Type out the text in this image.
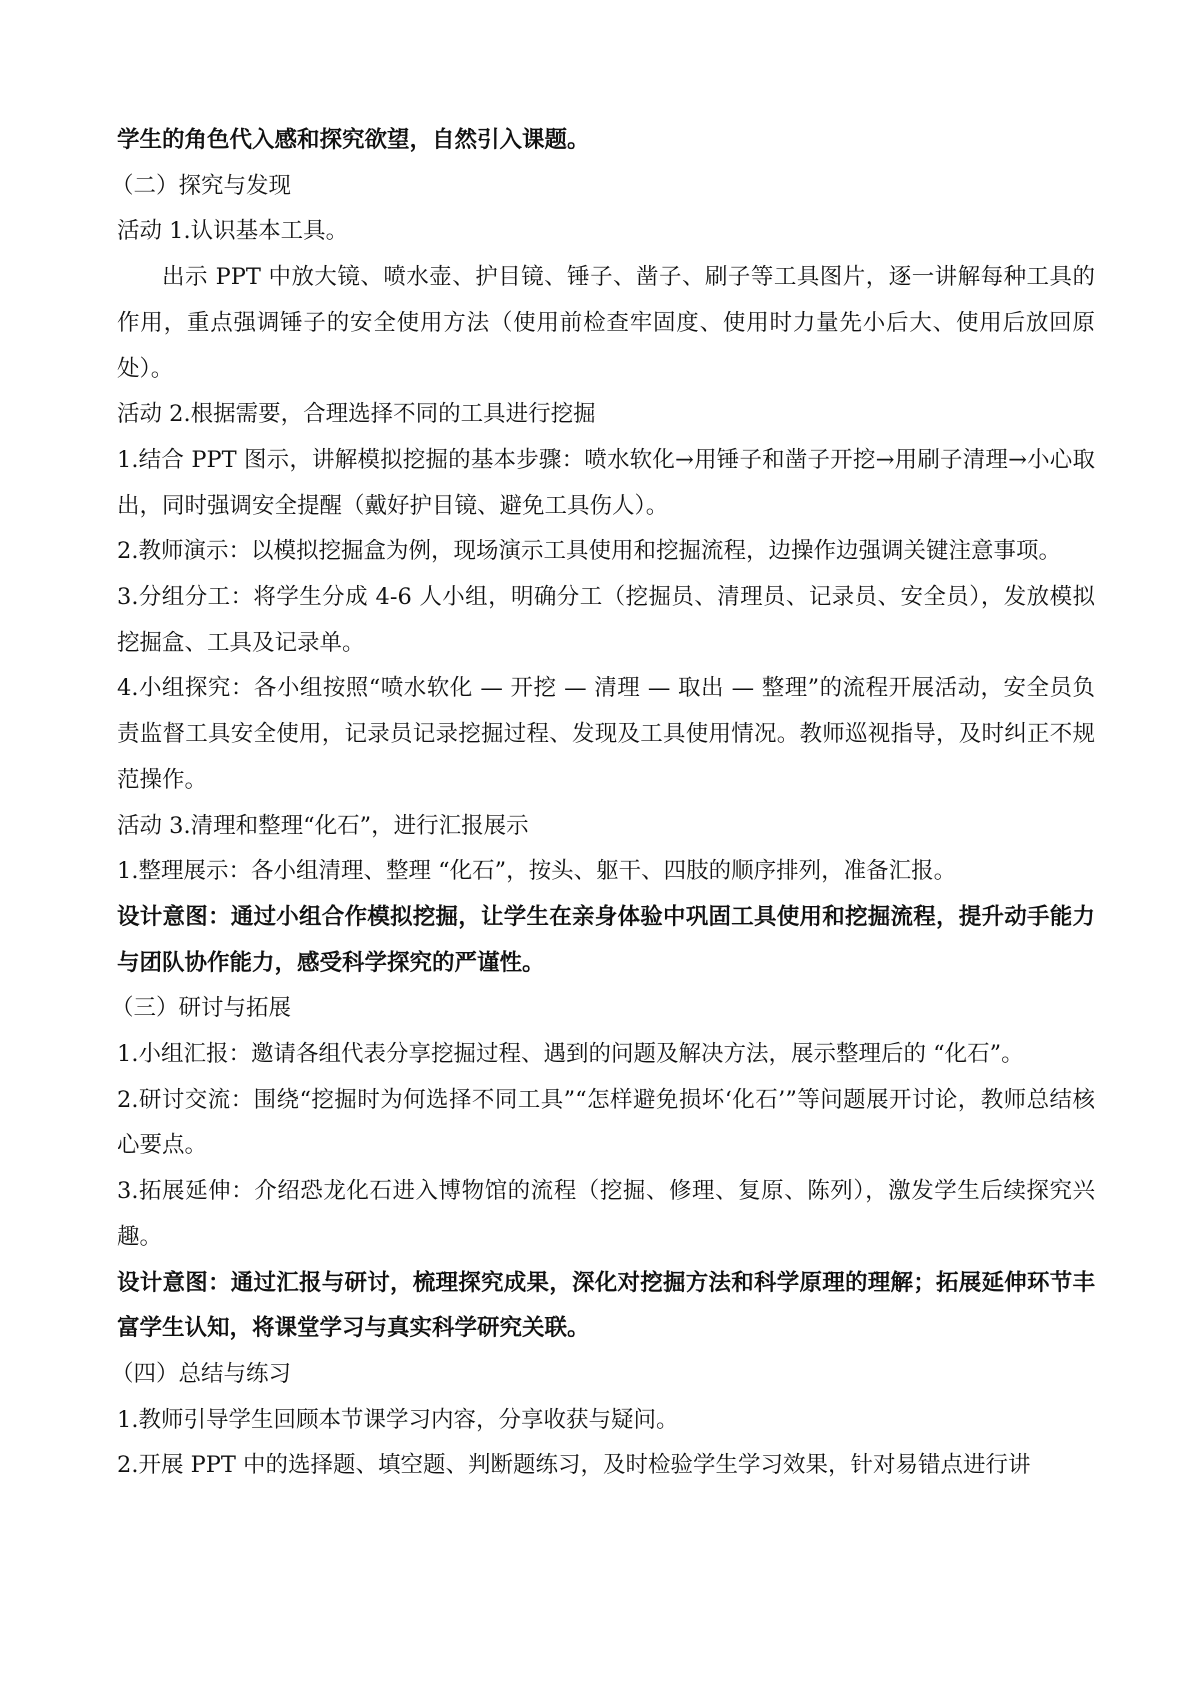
学生的角色代入感和探究欲望，自然引入课题。

（二）探究与发现

活动 1.认识基本工具。

出示 PPT 中放大镜、喷水壶、护目镜、锤子、凿子、刷子等工具图片，逐一讲解每种工具的作用，重点强调锤子的安全使用方法（使用前检查牢固度、使用时力量先小后大、使用后放回原处）。

活动 2.根据需要，合理选择不同的工具进行挖掘

1.结合 PPT 图示，讲解模拟挖掘的基本步骤：喷水软化→用锤子和凿子开挖→用刷子清理→小心取出，同时强调安全提醒（戴好护目镜、避免工具伤人）。

2.教师演示：以模拟挖掘盒为例，现场演示工具使用和挖掘流程，边操作边强调关键注意事项。

3.分组分工：将学生分成 4-6 人小组，明确分工（挖掘员、清理员、记录员、安全员），发放模拟挖掘盒、工具及记录单。

4.小组探究：各小组按照“喷水软化 — 开挖 — 清理 — 取出 — 整理”的流程开展活动，安全员负责监督工具安全使用，记录员记录挖掘过程、发现及工具使用情况。教师巡视指导，及时纠正不规范操作。

活动 3.清理和整理“化石”，进行汇报展示

1.整理展示：各小组清理、整理 “化石”，按头、躯干、四肢的顺序排列，准备汇报。

设计意图：通过小组合作模拟挖掘，让学生在亲身体验中巩固工具使用和挖掘流程，提升动手能力与团队协作能力，感受科学探究的严谨性。

（三）研讨与拓展

1.小组汇报：邀请各组代表分享挖掘过程、遇到的问题及解决方法，展示整理后的 “化石”。

2.研讨交流：围绕“挖掘时为何选择不同工具”“怎样避免损坏‘化石’”等问题展开讨论，教师总结核心要点。

3.拓展延伸：介绍恐龙化石进入博物馆的流程（挖掘、修理、复原、陈列），激发学生后续探究兴趣。

设计意图：通过汇报与研讨，梳理探究成果，深化对挖掘方法和科学原理的理解；拓展延伸环节丰富学生认知，将课堂学习与真实科学研究关联。

（四）总结与练习

1.教师引导学生回顾本节课学习内容，分享收获与疑问。

2.开展 PPT 中的选择题、填空题、判断题练习，及时检验学生学习效果，针对易错点进行讲
